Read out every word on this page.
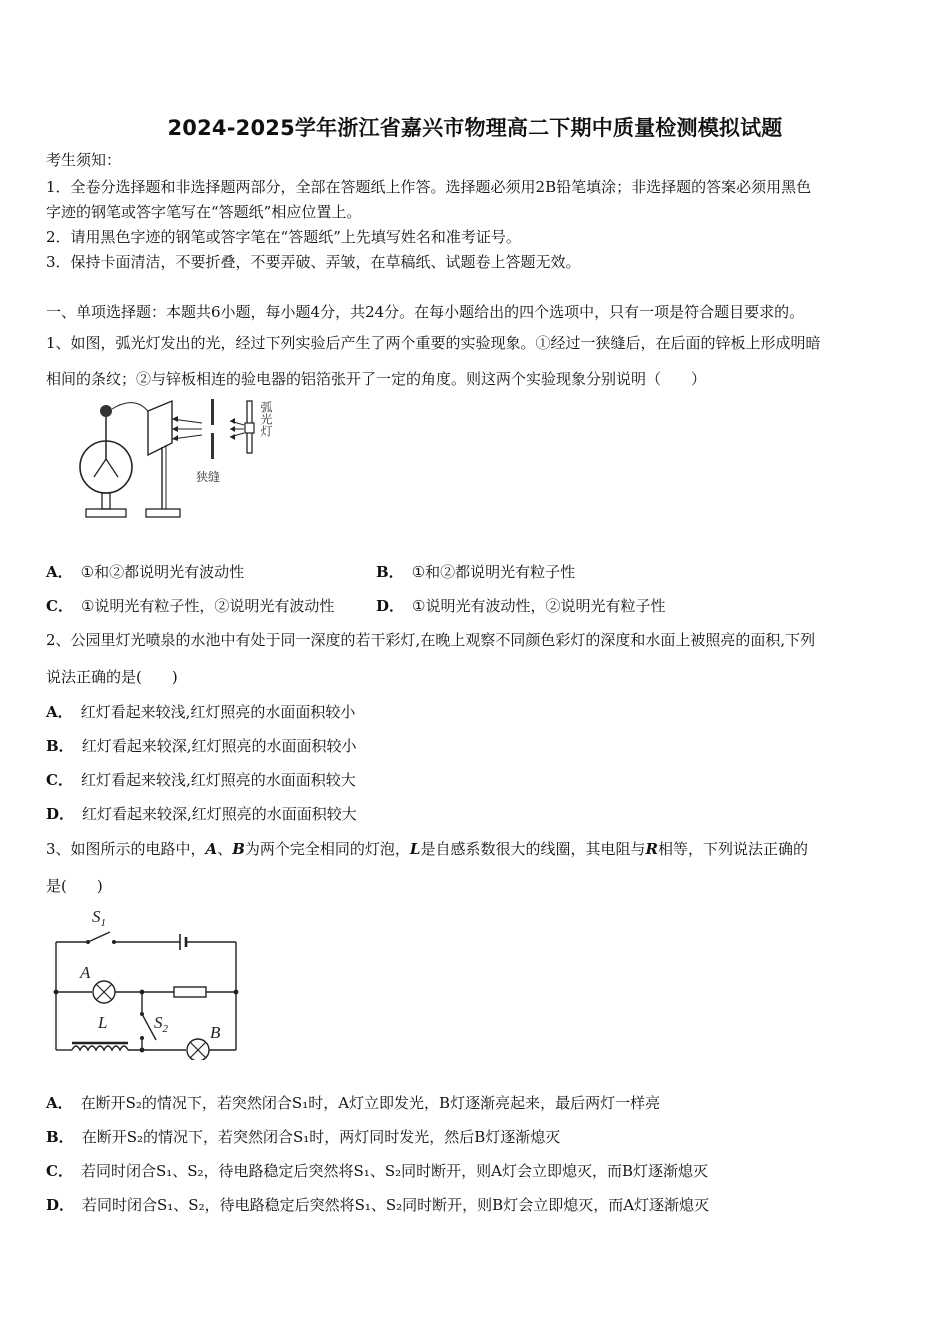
2024-2025学年浙江省嘉兴市物理高二下期中质量检测模拟试题
考生须知：
1．全卷分选择题和非选择题两部分，全部在答题纸上作答。选择题必须用2B铅笔填涂；非选择题的答案必须用黑色
字迹的钢笔或答字笔写在“答题纸”相应位置上。
2．请用黑色字迹的钢笔或答字笔在“答题纸”上先填写姓名和准考证号。
3．保持卡面清洁，不要折叠，不要弄破、弄皱，在草稿纸、试题卷上答题无效。
一、单项选择题：本题共6小题，每小题4分，共24分。在每小题给出的四个选项中，只有一项是符合题目要求的。
1、如图，弧光灯发出的光，经过下列实验后产生了两个重要的实验现象。①经过一狭缝后，在后面的锌板上形成明暗
相间的条纹；②与锌板相连的验电器的铝箔张开了一定的角度。则这两个实验现象分别说明（　　）
狭缝
弧光灯
A． ①和②都说明光有波动性	B． ①和②都说明光有粒子性
C． ①说明光有粒子性，②说明光有波动性	D． ①说明光有波动性，②说明光有粒子性
2、公园里灯光喷泉的水池中有处于同一深度的若干彩灯,在晚上观察不同颜色彩灯的深度和水面上被照亮的面积,下列
说法正确的是(　　)
A． 红灯看起来较浅,红灯照亮的水面面积较小
B． 红灯看起来较深,红灯照亮的水面面积较小
C． 红灯看起来较浅,红灯照亮的水面面积较大
D． 红灯看起来较深,红灯照亮的水面面积较大
3、如图所示的电路中，A、B为两个完全相同的灯泡，L是自感系数很大的线圈，其电阻与R相等，下列说法正确的
是(　　)
$S_1$
A
L	$S_2$ B
A． 在断开S₂的情况下，若突然闭合S₁时，A灯立即发光，B灯逐渐亮起来，最后两灯一样亮
B． 在断开S₂的情况下，若突然闭合S₁时，两灯同时发光，然后B灯逐渐熄灭
C． 若同时闭合S₁、S₂，待电路稳定后突然将S₁、S₂同时断开，则A灯会立即熄灭，而B灯逐渐熄灭
D． 若同时闭合S₁、S₂，待电路稳定后突然将S₁、S₂同时断开，则B灯会立即熄灭，而A灯逐渐熄灭
